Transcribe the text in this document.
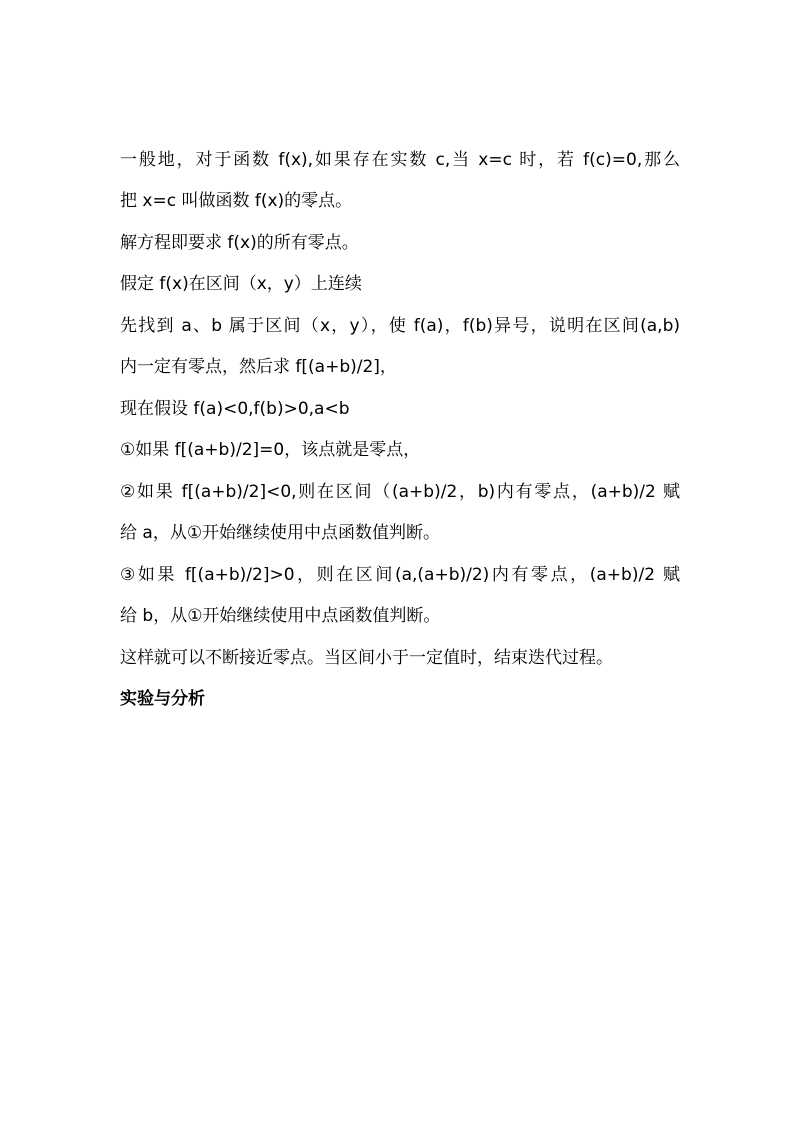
一般地，对于函数 f(x),如果存在实数 c,当 x=c 时，若 f(c)=0,那么
把 x=c 叫做函数 f(x)的零点。
解方程即要求 f(x)的所有零点。
假定 f(x)在区间（x，y）上连续
先找到 a、b 属于区间（x，y），使 f(a)，f(b)异号，说明在区间(a,b)
内一定有零点，然后求 f[(a+b)/2]，
现在假设 f(a)<0,f(b)>0,a<b
①如果 f[(a+b)/2]=0，该点就是零点，
②如果 f[(a+b)/2]<0,则在区间（(a+b)/2，b)内有零点，(a+b)/2 赋
给 a，从①开始继续使用中点函数值判断。
③如果 f[(a+b)/2]>0，则在区间(a,(a+b)/2)内有零点，(a+b)/2 赋
给 b，从①开始继续使用中点函数值判断。
这样就可以不断接近零点。当区间小于一定值时，结束迭代过程。
实验与分析
